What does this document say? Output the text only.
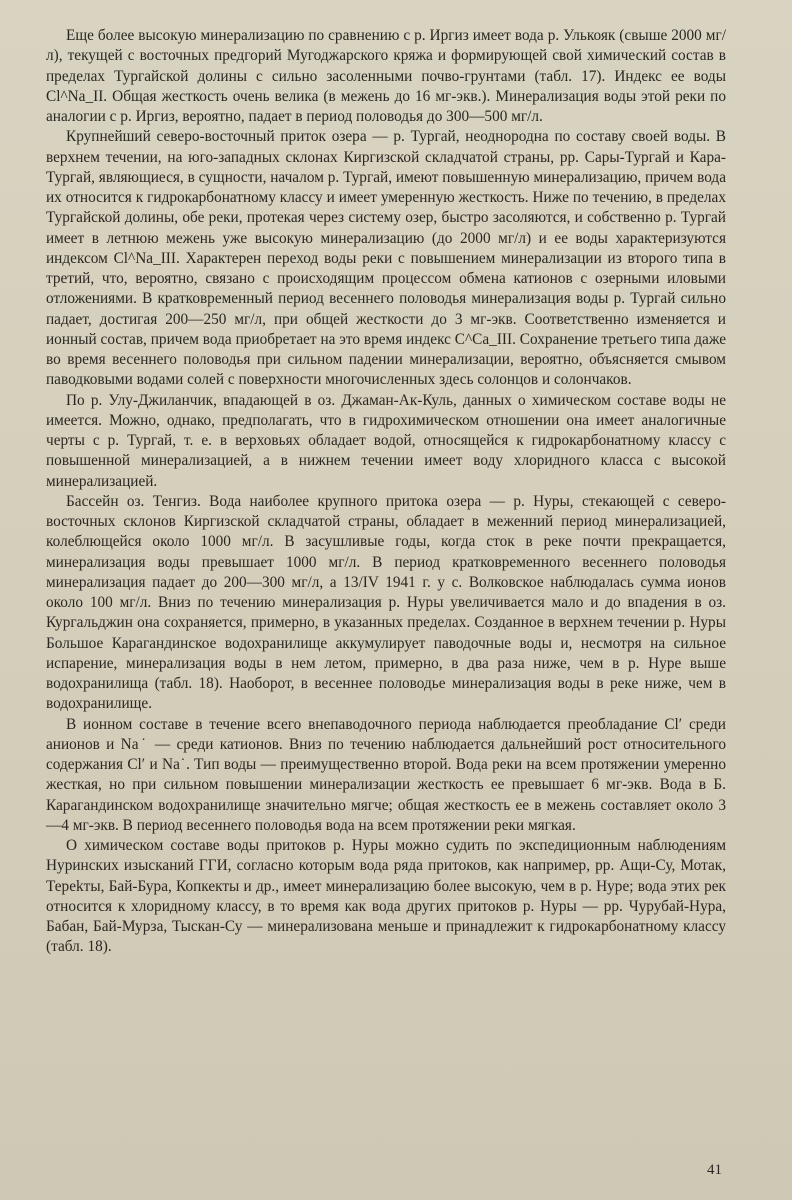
Еще более высокую минерализацию по сравнению с р. Иргиз имеет вода р. Улькояк (свыше 2000 мг/л), текущей с восточных предгорий Мугоджарского кряжа и формирующей свой химический состав в пределах Тургайской долины с сильно засоленными почво-грунтами (табл. 17). Индекс ее воды Cl^Na_II. Общая жесткость очень велика (в межень до 16 мг-экв.). Минерализация воды этой реки по аналогии с р. Иргиз, вероятно, падает в период половодья до 300—500 мг/л.

Крупнейший северо-восточный приток озера — р. Тургай, неоднородна по составу своей воды. В верхнем течении, на юго-западных склонах Киргизской складчатой страны, рр. Сары-Тургай и Кара-Тургай, являющиеся, в сущности, началом р. Тургай, имеют повышенную минерализацию, причем вода их относится к гидрокарбонатному классу и имеет умеренную жесткость. Ниже по течению, в пределах Тургайской долины, обе реки, протекая через систему озер, быстро засоляются, и собственно р. Тургай имеет в летнюю межень уже высокую минерализацию (до 2000 мг/л) и ее воды характеризуются индексом Cl^Na_III. Характерен переход воды реки с повышением минерализации из второго типа в третий, что, вероятно, связано с происходящим процессом обмена катионов с озерными иловыми отложениями. В кратковременный период весеннего половодья минерализация воды р. Тургай сильно падает, достигая 200—250 мг/л, при общей жесткости до 3 мг-экв. Соответственно изменяется и ионный состав, причем вода приобретает на это время индекс C^Ca_III. Сохранение третьего типа даже во время весеннего половодья при сильном падении минерализации, вероятно, объясняется смывом паводковыми водами солей с поверхности многочисленных здесь солонцов и солончаков.

По р. Улу-Джиланчик, впадающей в оз. Джаман-Ак-Куль, данных о химическом составе воды не имеется. Можно, однако, предполагать, что в гидрохимическом отношении она имеет аналогичные черты с р. Тургай, т. е. в верховьях обладает водой, относящейся к гидрокарбонатному классу с повышенной минерализацией, а в нижнем течении имеет воду хлоридного класса с высокой минерализацией.

Бассейн оз. Тенгиз. Вода наиболее крупного притока озера — р. Нуры, стекающей с северо-восточных склонов Киргизской складчатой страны, обладает в меженний период минерализацией, колеблющейся около 1000 мг/л. В засушливые годы, когда сток в реке почти прекращается, минерализация воды превышает 1000 мг/л. В период кратковременного весеннего половодья минерализация падает до 200—300 мг/л, а 13/IV 1941 г. у с. Волковское наблюдалась сумма ионов около 100 мг/л. Вниз по течению минерализация р. Нуры увеличивается мало и до впадения в оз. Кургальджин она сохраняется, примерно, в указанных пределах. Созданное в верхнем течении р. Нуры Большое Карагандинское водохранилище аккумулирует паводочные воды и, несмотря на сильное испарение, минерализация воды в нем летом, примерно, в два раза ниже, чем в р. Нуре выше водохранилища (табл. 18). Наоборот, в весеннее половодье минерализация воды в реке ниже, чем в водохранилище.

В ионном составе в течение всего внепаводочного периода наблюдается преобладание Cl′ среди анионов и Na˙ — среди катионов. Вниз по течению наблюдается дальнейший рост относительного содержания Cl′ и Na˙. Тип воды — преимущественно второй. Вода реки на всем протяжении умеренно жесткая, но при сильном повышении минерализации жесткость ее превышает 6 мг-экв. Вода в Б. Карагандинском водохранилище значительно мягче; общая жесткость ее в межень составляет около 3—4 мг-экв. В период весеннего половодья вода на всем протяжении реки мягкая.

О химическом составе воды притоков р. Нуры можно судить по экспедиционным наблюдениям Нуринских изысканий ГГИ, согласно которым вода ряда притоков, как например, рр. Ащи-Су, Мотак, Тереkты, Бай-Бура, Копкекты и др., имеет минерализацию более высокую, чем в р. Нуре; вода этих рек относится к хлоридному классу, в то время как вода других притоков р. Нуры — рр. Чурубай-Нура, Бабан, Бай-Мурза, Тыскан-Су — минерализована меньше и принадлежит к гидрокарбонатному классу (табл. 18).

41
